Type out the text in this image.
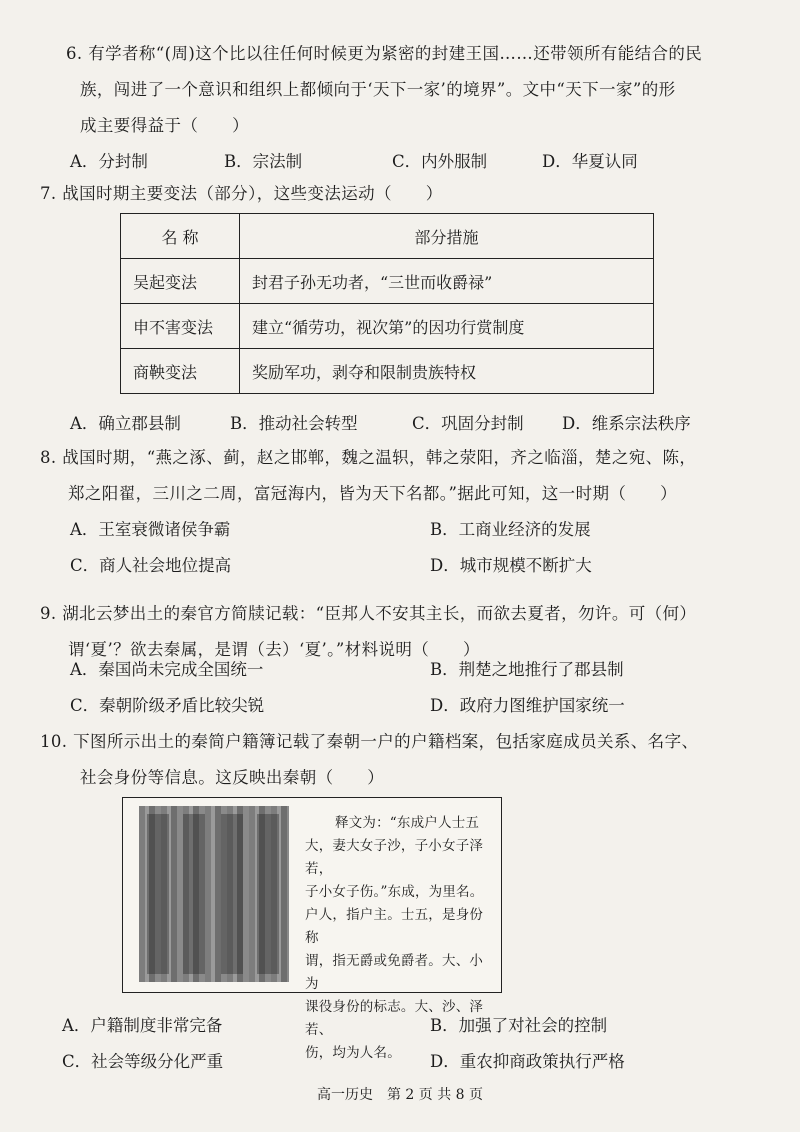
6. 有学者称“(周)这个比以往任何时候更为紧密的封建王国……还带领所有能结合的民
族，闯进了一个意识和组织上都倾向于‘天下一家’的境界”。文中“天下一家”的形
成主要得益于（　　）
A．分封制	B．宗法制	C．内外服制	D．华夏认同
7. 战国时期主要变法（部分），这些变法运动（　　）
名 称	部分措施
吴起变法	封君子孙无功者，“三世而收爵禄”
申不害变法	建立“循劳功，视次第”的因功行赏制度
商鞅变法	奖励军功，剥夺和限制贵族特权
A．确立郡县制	B．推动社会转型	C．巩固分封制 D．维系宗法秩序
8. 战国时期，“燕之涿、蓟，赵之邯郸，魏之温轵，韩之荥阳，齐之临淄，楚之宛、陈，
郑之阳翟，三川之二周，富冠海内，皆为天下名都。”据此可知，这一时期（　　）
A．王室衰微诸侯争霸	B．工商业经济的发展
C．商人社会地位提高	D．城市规模不断扩大
9. 湖北云梦出土的秦官方简牍记载：“臣邦人不安其主长，而欲去夏者，勿许。可（何）
谓‘夏’？欲去秦属，是谓（去）‘夏’。”材料说明（　　）
A．秦国尚未完成全国统一	B．荆楚之地推行了郡县制
C．秦朝阶级矛盾比较尖锐	D．政府力图维护国家统一
10. 下图所示出土的秦简户籍簿记载了秦朝一户的户籍档案，包括家庭成员关系、名字、
社会身份等信息。这反映出秦朝（　　）
释文为：“东成户人士五
大，妻大女子沙，子小女子泽若，
子小女子伤。”东成，为里名。
户人，指户主。士五，是身份称
谓，指无爵或免爵者。大、小为
课役身份的标志。大、沙、泽若、
伤，均为人名。
A．户籍制度非常完备	B．加强了对社会的控制
C．社会等级分化严重	D．重农抑商政策执行严格
高一历史　第 2 页 共 8 页
